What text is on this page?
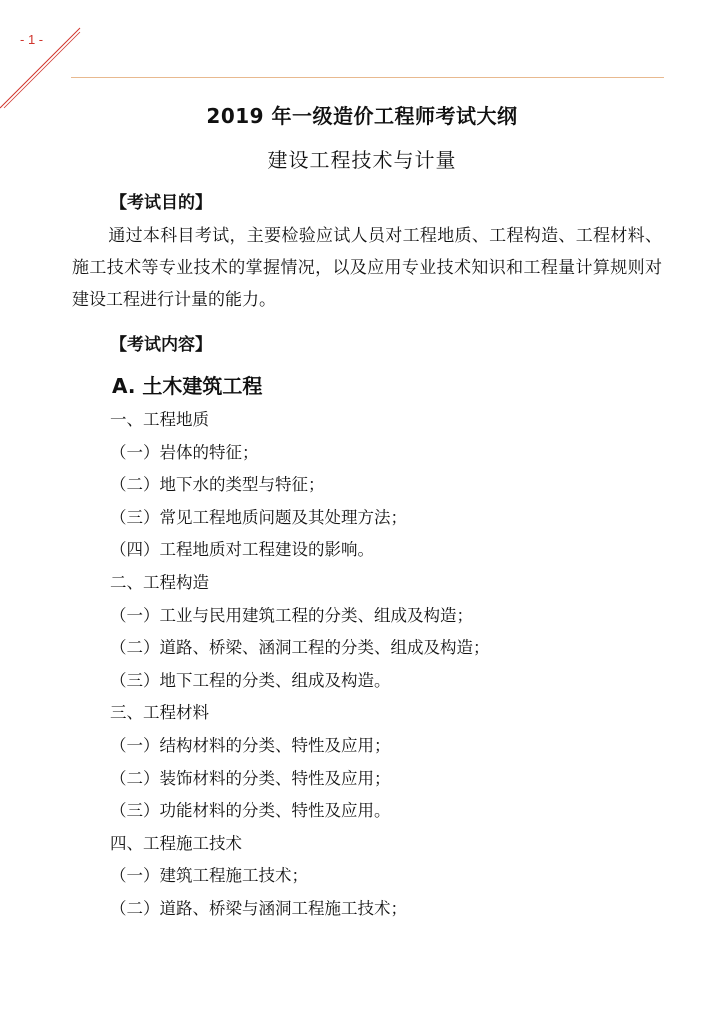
- 1 -
2019 年一级造价工程师考试大纲
建设工程技术与计量
【考试目的】
通过本科目考试，主要检验应试人员对工程地质、工程构造、工程材料、施工技术等专业技术的掌握情况，以及应用专业技术知识和工程量计算规则对建设工程进行计量的能力。
【考试内容】
A. 土木建筑工程
一、工程地质
（一）岩体的特征；
（二）地下水的类型与特征；
（三）常见工程地质问题及其处理方法；
（四）工程地质对工程建设的影响。
二、工程构造
（一）工业与民用建筑工程的分类、组成及构造；
（二）道路、桥梁、涵洞工程的分类、组成及构造；
（三）地下工程的分类、组成及构造。
三、工程材料
（一）结构材料的分类、特性及应用；
（二）装饰材料的分类、特性及应用；
（三）功能材料的分类、特性及应用。
四、工程施工技术
（一）建筑工程施工技术；
（二）道路、桥梁与涵洞工程施工技术；
